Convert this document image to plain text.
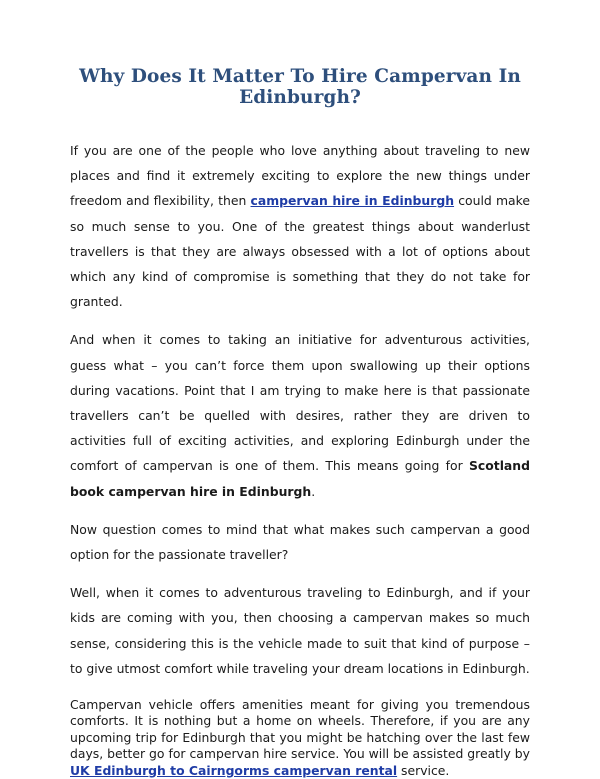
Why Does It Matter To Hire Campervan In Edinburgh?

If you are one of the people who love anything about traveling to new places and find it extremely exciting to explore the new things under freedom and flexibility, then campervan hire in Edinburgh could make so much sense to you. One of the greatest things about wanderlust travellers is that they are always obsessed with a lot of options about which any kind of compromise is something that they do not take for granted.

And when it comes to taking an initiative for adventurous activities, guess what – you can’t force them upon swallowing up their options during vacations. Point that I am trying to make here is that passionate travellers can’t be quelled with desires, rather they are driven to activities full of exciting activities, and exploring Edinburgh under the comfort of campervan is one of them. This means going for Scotland book campervan hire in Edinburgh.

Now question comes to mind that what makes such campervan a good option for the passionate traveller?

Well, when it comes to adventurous traveling to Edinburgh, and if your kids are coming with you, then choosing a campervan makes so much sense, considering this is the vehicle made to suit that kind of purpose – to give utmost comfort while traveling your dream locations in Edinburgh.

Campervan vehicle offers amenities meant for giving you tremendous comforts. It is nothing but a home on wheels. Therefore, if you are any upcoming trip for Edinburgh that you might be hatching over the last few days, better go for campervan hire service. You will be assisted greatly by UK Edinburgh to Cairngorms campervan rental service.
